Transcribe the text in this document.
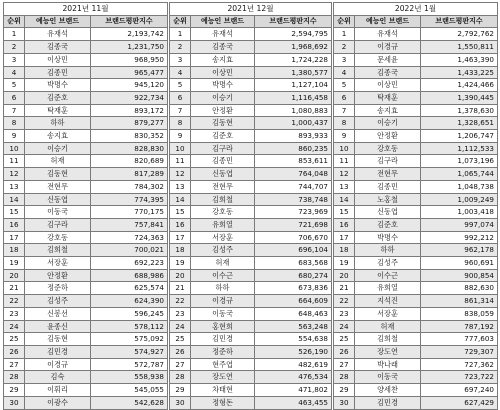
2021년 11월		
순위	예능인 브랜드	브랜드평판지수
1	유재석	2,193,742
2	김종국	1,231,750
3	이상민	968,950
4	김종민	965,477
5	박명수	945,120
6	김준호	922,734
7	탁재훈	893,172
8	하하	879,277
9	송지효	830,352
10	이승기	828,830
11	허재	820,689
12	김동현	817,289
13	전현무	784,302
14	신동엽	774,395
15	이동국	770,175
16	김구라	757,841
17	강호동	724,363
18	김희철	700,021
19	서장훈	692,223
20	안정환	688,986
21	정준하	625,574
22	김성주	624,390
23	신봉선	596,245
24	윤종신	578,112
25	김동현	575,092
26	김민경	574,927
27	이경규	572,787
28	김숙	558,938
29	이휘리	545,055
30	이광수	542,628
2021년 12월		
순위	예능인 브랜드	브랜드평판지수
1	유재석	2,594,795
2	김종국	1,968,692
3	송지효	1,724,228
4	이상민	1,380,577
5	박명수	1,127,104
6	이승기	1,116,458
7	안정환	1,080,883
8	김동현	1,000,437
9	김준호	893,933
10	김구라	860,235
11	김종민	853,611
12	신동엽	764,048
13	전현무	744,707
14	김희철	738,748
15	강호동	723,969
16	유희열	721,698
17	서장훈	706,670
18	김성주	696,104
19	허재	683,568
20	이수근	680,274
21	하하	673,836
22	이경규	664,609
23	이동국	648,463
24	홍현희	563,248
25	김민경	554,638
26	정준하	526,190
27	현주엽	482,619
28	장도연	476,534
29	차태현	471,802
30	정형돈	463,455
2022년 1월		
순위	예능인 브랜드	브랜드평판지수
1	유재석	2,792,762
2	이경규	1,550,811
3	문세윤	1,463,390
4	김종국	1,433,225
5	이상민	1,424,466
6	탁재훈	1,390,445
7	송지효	1,378,630
8	이승기	1,328,651
9	안정환	1,206,747
10	강호동	1,112,533
11	김구라	1,073,196
12	전현무	1,065,744
13	김종민	1,048,738
14	노홍철	1,009,249
15	신동엽	1,003,418
16	김준호	997,074
17	박명수	992,212
18	하하	962,178
19	김성주	960,691
20	이수근	900,854
21	유희열	882,630
22	지석진	861,314
23	서장훈	838,059
24	허재	787,192
25	김희철	777,603
26	장도연	729,307
27	박나래	727,362
28	이동국	723,722
29	양세찬	697,240
30	김민경	627,429
